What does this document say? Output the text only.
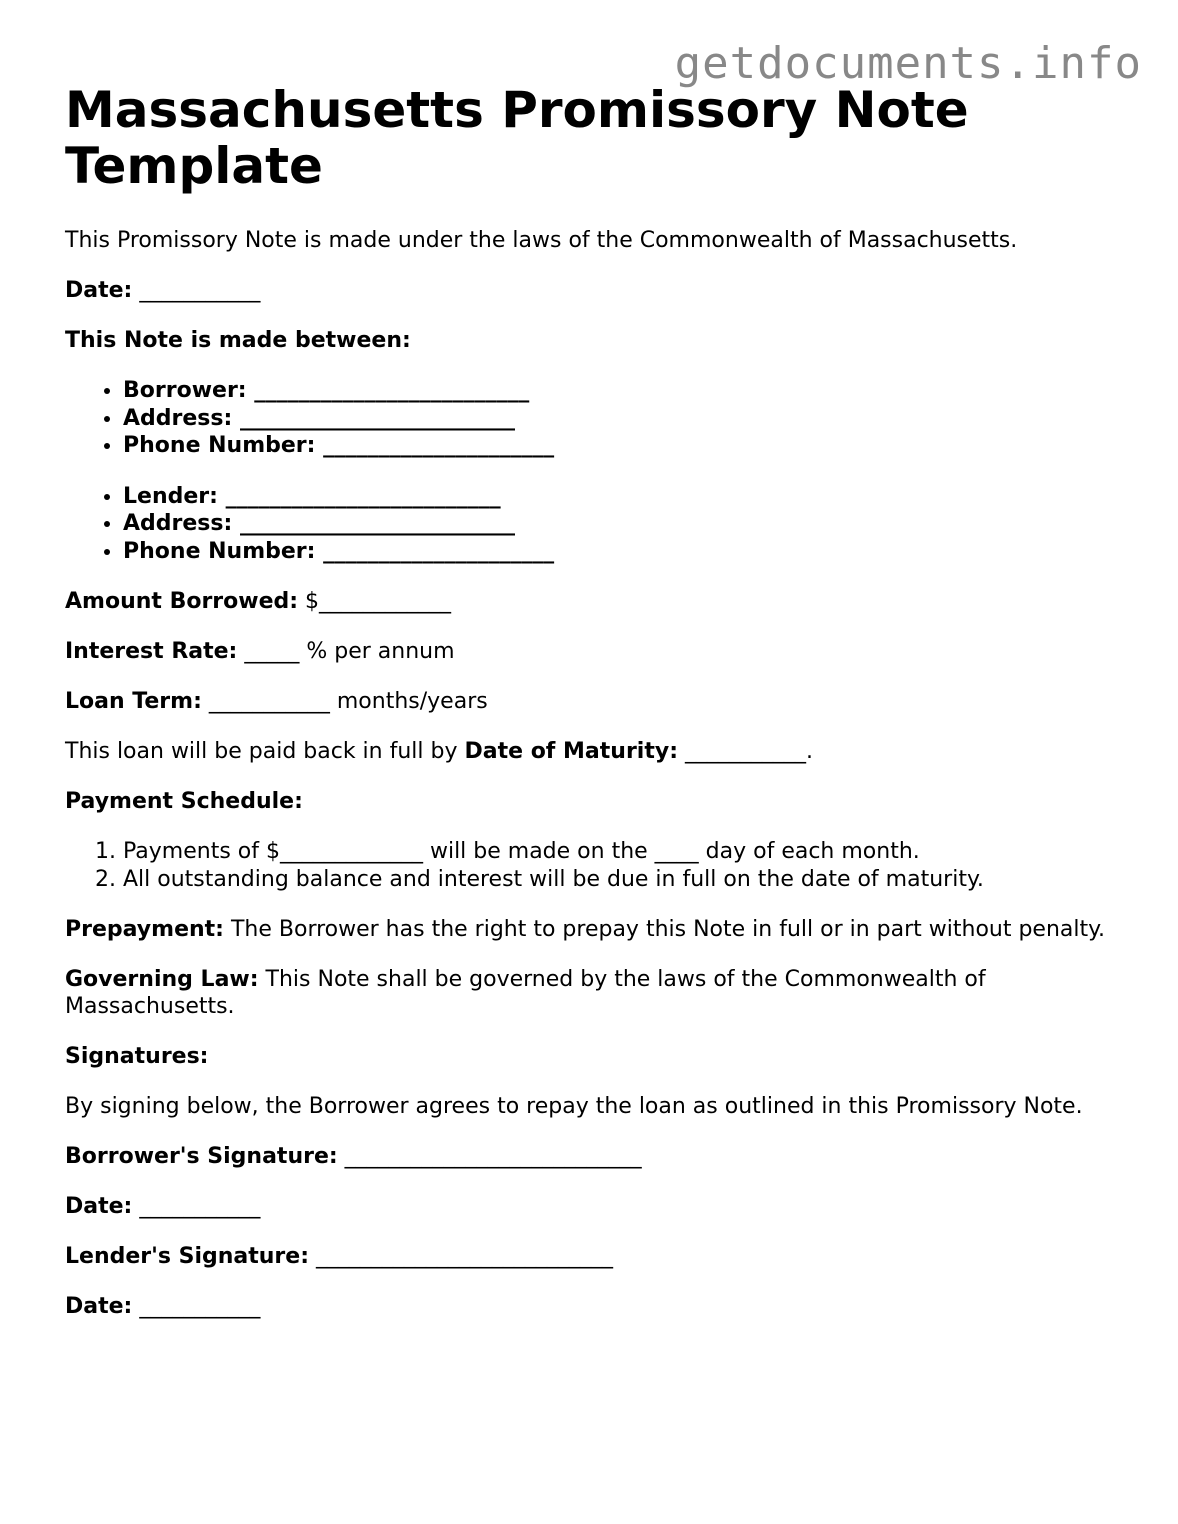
getdocuments.info
Massachusetts Promissory Note Template

This Promissory Note is made under the laws of the Commonwealth of Massachusetts.

Date: ___________

This Note is made between:

• Borrower: _________________________
• Address: _________________________
• Phone Number: _____________________
• Lender: _________________________
• Address: _________________________
• Phone Number: _____________________

Amount Borrowed: $____________

Interest Rate: _____ % per annum

Loan Term: ___________ months/years

This loan will be paid back in full by Date of Maturity: ___________.

Payment Schedule:

1. Payments of $_____________ will be made on the ____ day of each month.
2. All outstanding balance and interest will be due in full on the date of maturity.

Prepayment: The Borrower has the right to prepay this Note in full or in part without penalty.

Governing Law: This Note shall be governed by the laws of the Commonwealth of Massachusetts.

Signatures:

By signing below, the Borrower agrees to repay the loan as outlined in this Promissory Note.

Borrower's Signature: ___________________________

Date: ___________

Lender's Signature: ___________________________

Date: ___________
